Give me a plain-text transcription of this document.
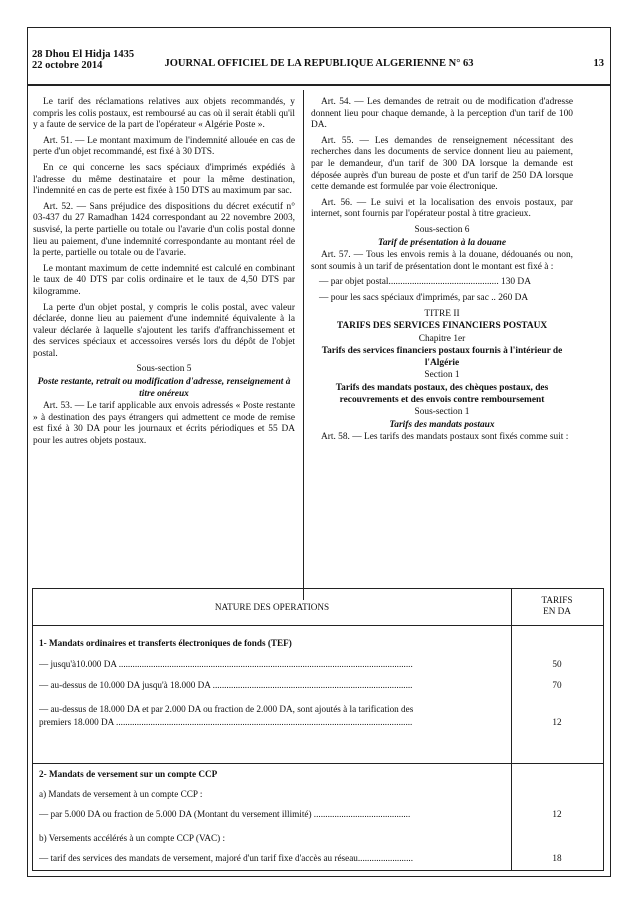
28 Dhou El Hidja 1435
22 octobre 2014	JOURNAL OFFICIEL DE LA REPUBLIQUE ALGERIENNE N° 63	13

Le tarif des réclamations relatives aux objets recommandés, y compris les colis postaux, est remboursé au cas où il serait établi qu'il y a faute de service de la part de l'opérateur « Algérie Poste ».

Art. 51. — Le montant maximum de l'indemnité allouée en cas de perte d'un objet recommandé, est fixé à 30 DTS.

En ce qui concerne les sacs spéciaux d'imprimés expédiés à l'adresse du même destinataire et pour la même destination, l'indemnité en cas de perte est fixée à 150 DTS au maximum par sac.

Art. 52. — Sans préjudice des dispositions du décret exécutif n° 03-437 du 27 Ramadhan 1424 correspondant au 22 novembre 2003, susvisé, la perte partielle ou totale ou l'avarie d'un colis postal donne lieu au paiement, d'une indemnité correspondante au montant réel de la perte, partielle ou totale ou de l'avarie.

Le montant maximum de cette indemnité est calculé en combinant le taux de 40 DTS par colis ordinaire et le taux de 4,50 DTS par kilogramme.

La perte d'un objet postal, y compris le colis postal, avec valeur déclarée, donne lieu au paiement d'une indemnité équivalente à la valeur déclarée à laquelle s'ajoutent les tarifs d'affranchissement et des services spéciaux et accessoires versés lors du dépôt de l'objet postal.

Sous-section 5

Poste restante, retrait ou modification d'adresse, renseignement à titre onéreux

Art. 53. — Le tarif applicable aux envois adressés « Poste restante » à destination des pays étrangers qui admettent ce mode de remise est fixé à 30 DA pour les journaux et écrits périodiques et 55 DA pour les autres objets postaux.

Art. 54. — Les demandes de retrait ou de modification d'adresse donnent lieu pour chaque demande, à la perception d'un tarif de 100 DA.

Art. 55. — Les demandes de renseignement nécessitant des recherches dans les documents de service donnent lieu au paiement, par le demandeur, d'un tarif de 300 DA lorsque la demande est déposée auprès d'un bureau de poste et d'un tarif de 250 DA lorsque cette demande est formulée par voie électronique.

Art. 56. — Le suivi et la localisation des envois postaux, par internet, sont fournis par l'opérateur postal à titre gracieux.

Sous-section 6

Tarif de présentation à la douane

Art. 57. — Tous les envois remis à la douane, dédouanés ou non, sont soumis à un tarif de présentation dont le montant est fixé à :

— par objet postal............................................... 130 DA

— pour les sacs spéciaux d'imprimés, par sac .. 260 DA

TITRE II

TARIFS DES SERVICES FINANCIERS POSTAUX

Chapitre 1er

Tarifs des services financiers postaux fournis à l'intérieur de l'Algérie

Section 1

Tarifs des mandats postaux, des chèques postaux, des recouvrements et des envois contre remboursement

Sous-section 1

Tarifs des mandats postaux

Art. 58. — Les tarifs des mandats postaux sont fixés comme suit :

NATURE DES OPERATIONS
TARIFS
EN DA
1- Mandats ordinaires et transferts électroniques de fonds (TEF)
— jusqu'à10.000 DA ................................................................................................................................	50
— au-dessus de 10.000 DA jusqu'à 18.000 DA .......................................................................................	70
— au-dessus de 18.000 DA et par 2.000 DA ou fraction de 2.000 DA, sont ajoutés à la tarification des
premiers 18.000 DA .................................................................................................................................	12
2- Mandats de versement sur un compte CCP
a) Mandats de versement à un compte CCP :
— par 5.000 DA ou fraction de 5.000 DA (Montant du versement illimité) ..........................................	12
b) Versements accélérés à un compte CCP (VAC) :
— tarif des services des mandats de versement, majoré d'un tarif fixe d'accès au réseau........................	18
